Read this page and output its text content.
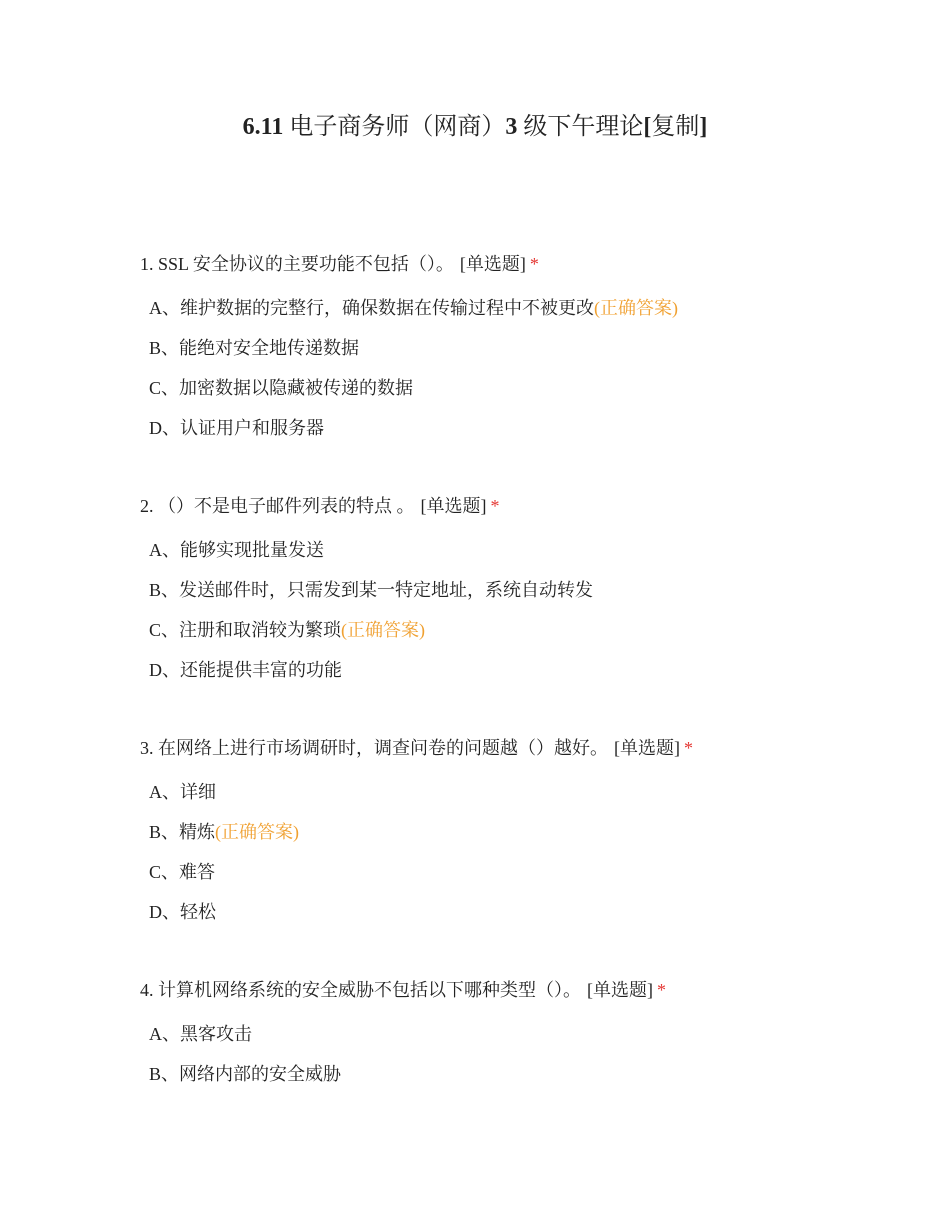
6.11 电子商务师（网商）3 级下午理论[复制]
1. SSL 安全协议的主要功能不包括（）。 [单选题] *
A、维护数据的完整行，确保数据在传输过程中不被更改(正确答案)
B、能绝对安全地传递数据
C、加密数据以隐藏被传递的数据
D、认证用户和服务器
2. （）不是电子邮件列表的特点 。 [单选题] *
A、能够实现批量发送
B、发送邮件时，只需发到某一特定地址，系统自动转发
C、注册和取消较为繁琐(正确答案)
D、还能提供丰富的功能
3. 在网络上进行市场调研时，调查问卷的问题越（）越好。 [单选题] *
A、详细
B、精炼(正确答案)
C、难答
D、轻松
4. 计算机网络系统的安全威胁不包括以下哪种类型（）。 [单选题] *
A、黑客攻击
B、网络内部的安全威胁
